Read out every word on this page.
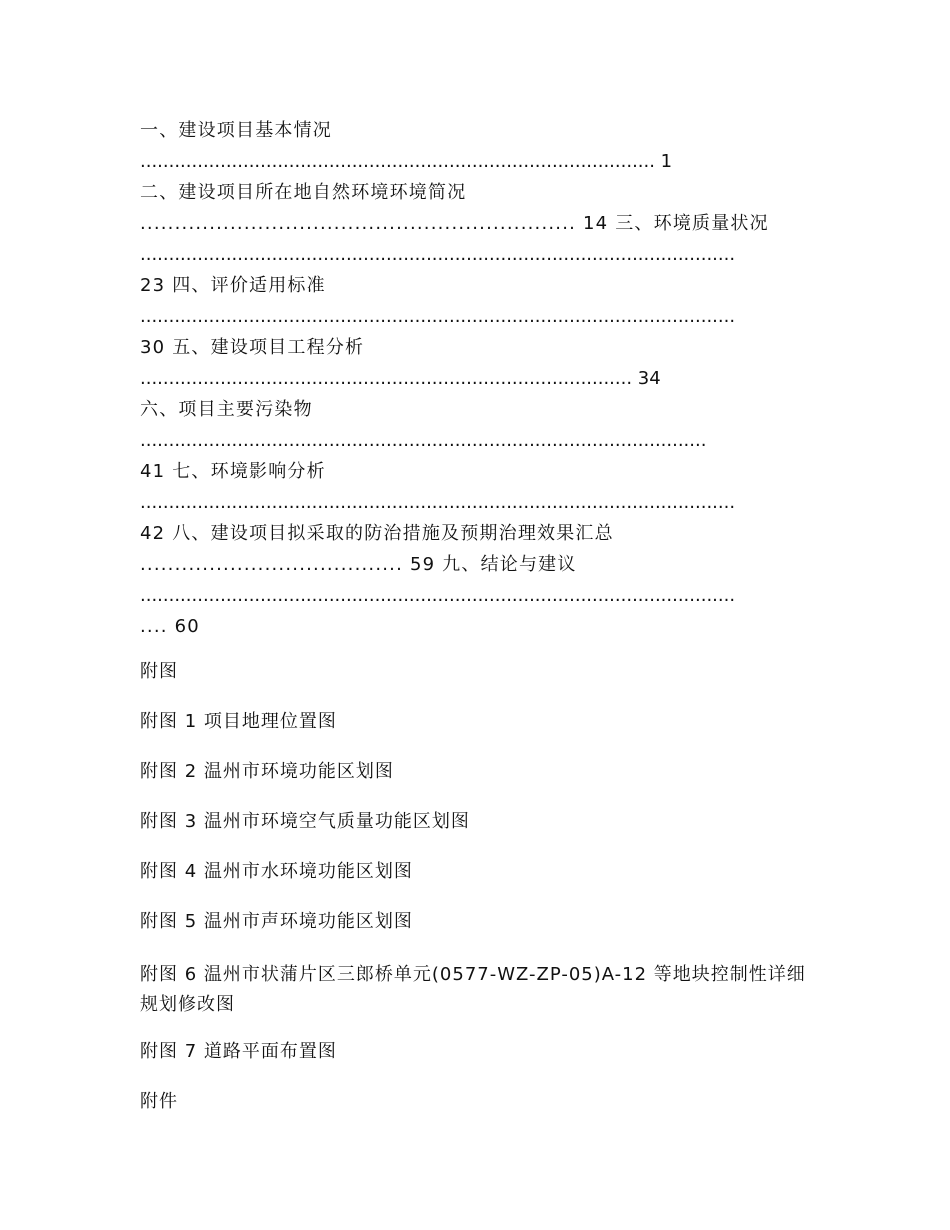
一、建设项目基本情况
.......................................................................................... 1
二、建设项目所在地自然环境环境简况
............................................................... 14 三、环境质量状况
........................................................................................................
23 四、评价适用标准
........................................................................................................
30 五、建设项目工程分析
...................................................................................... 34
六、项目主要污染物
...................................................................................................
41 七、环境影响分析
........................................................................................................
42 八、建设项目拟采取的防治措施及预期治理效果汇总
...................................... 59 九、结论与建议
........................................................................................................
.... 60
附图
附图 1 项目地理位置图
附图 2 温州市环境功能区划图
附图 3 温州市环境空气质量功能区划图
附图 4 温州市水环境功能区划图
附图 5 温州市声环境功能区划图
附图 6 温州市状蒲片区三郎桥单元(0577-WZ-ZP-05)A-12 等地块控制性详细规划修改图
附图 7 道路平面布置图
附件
